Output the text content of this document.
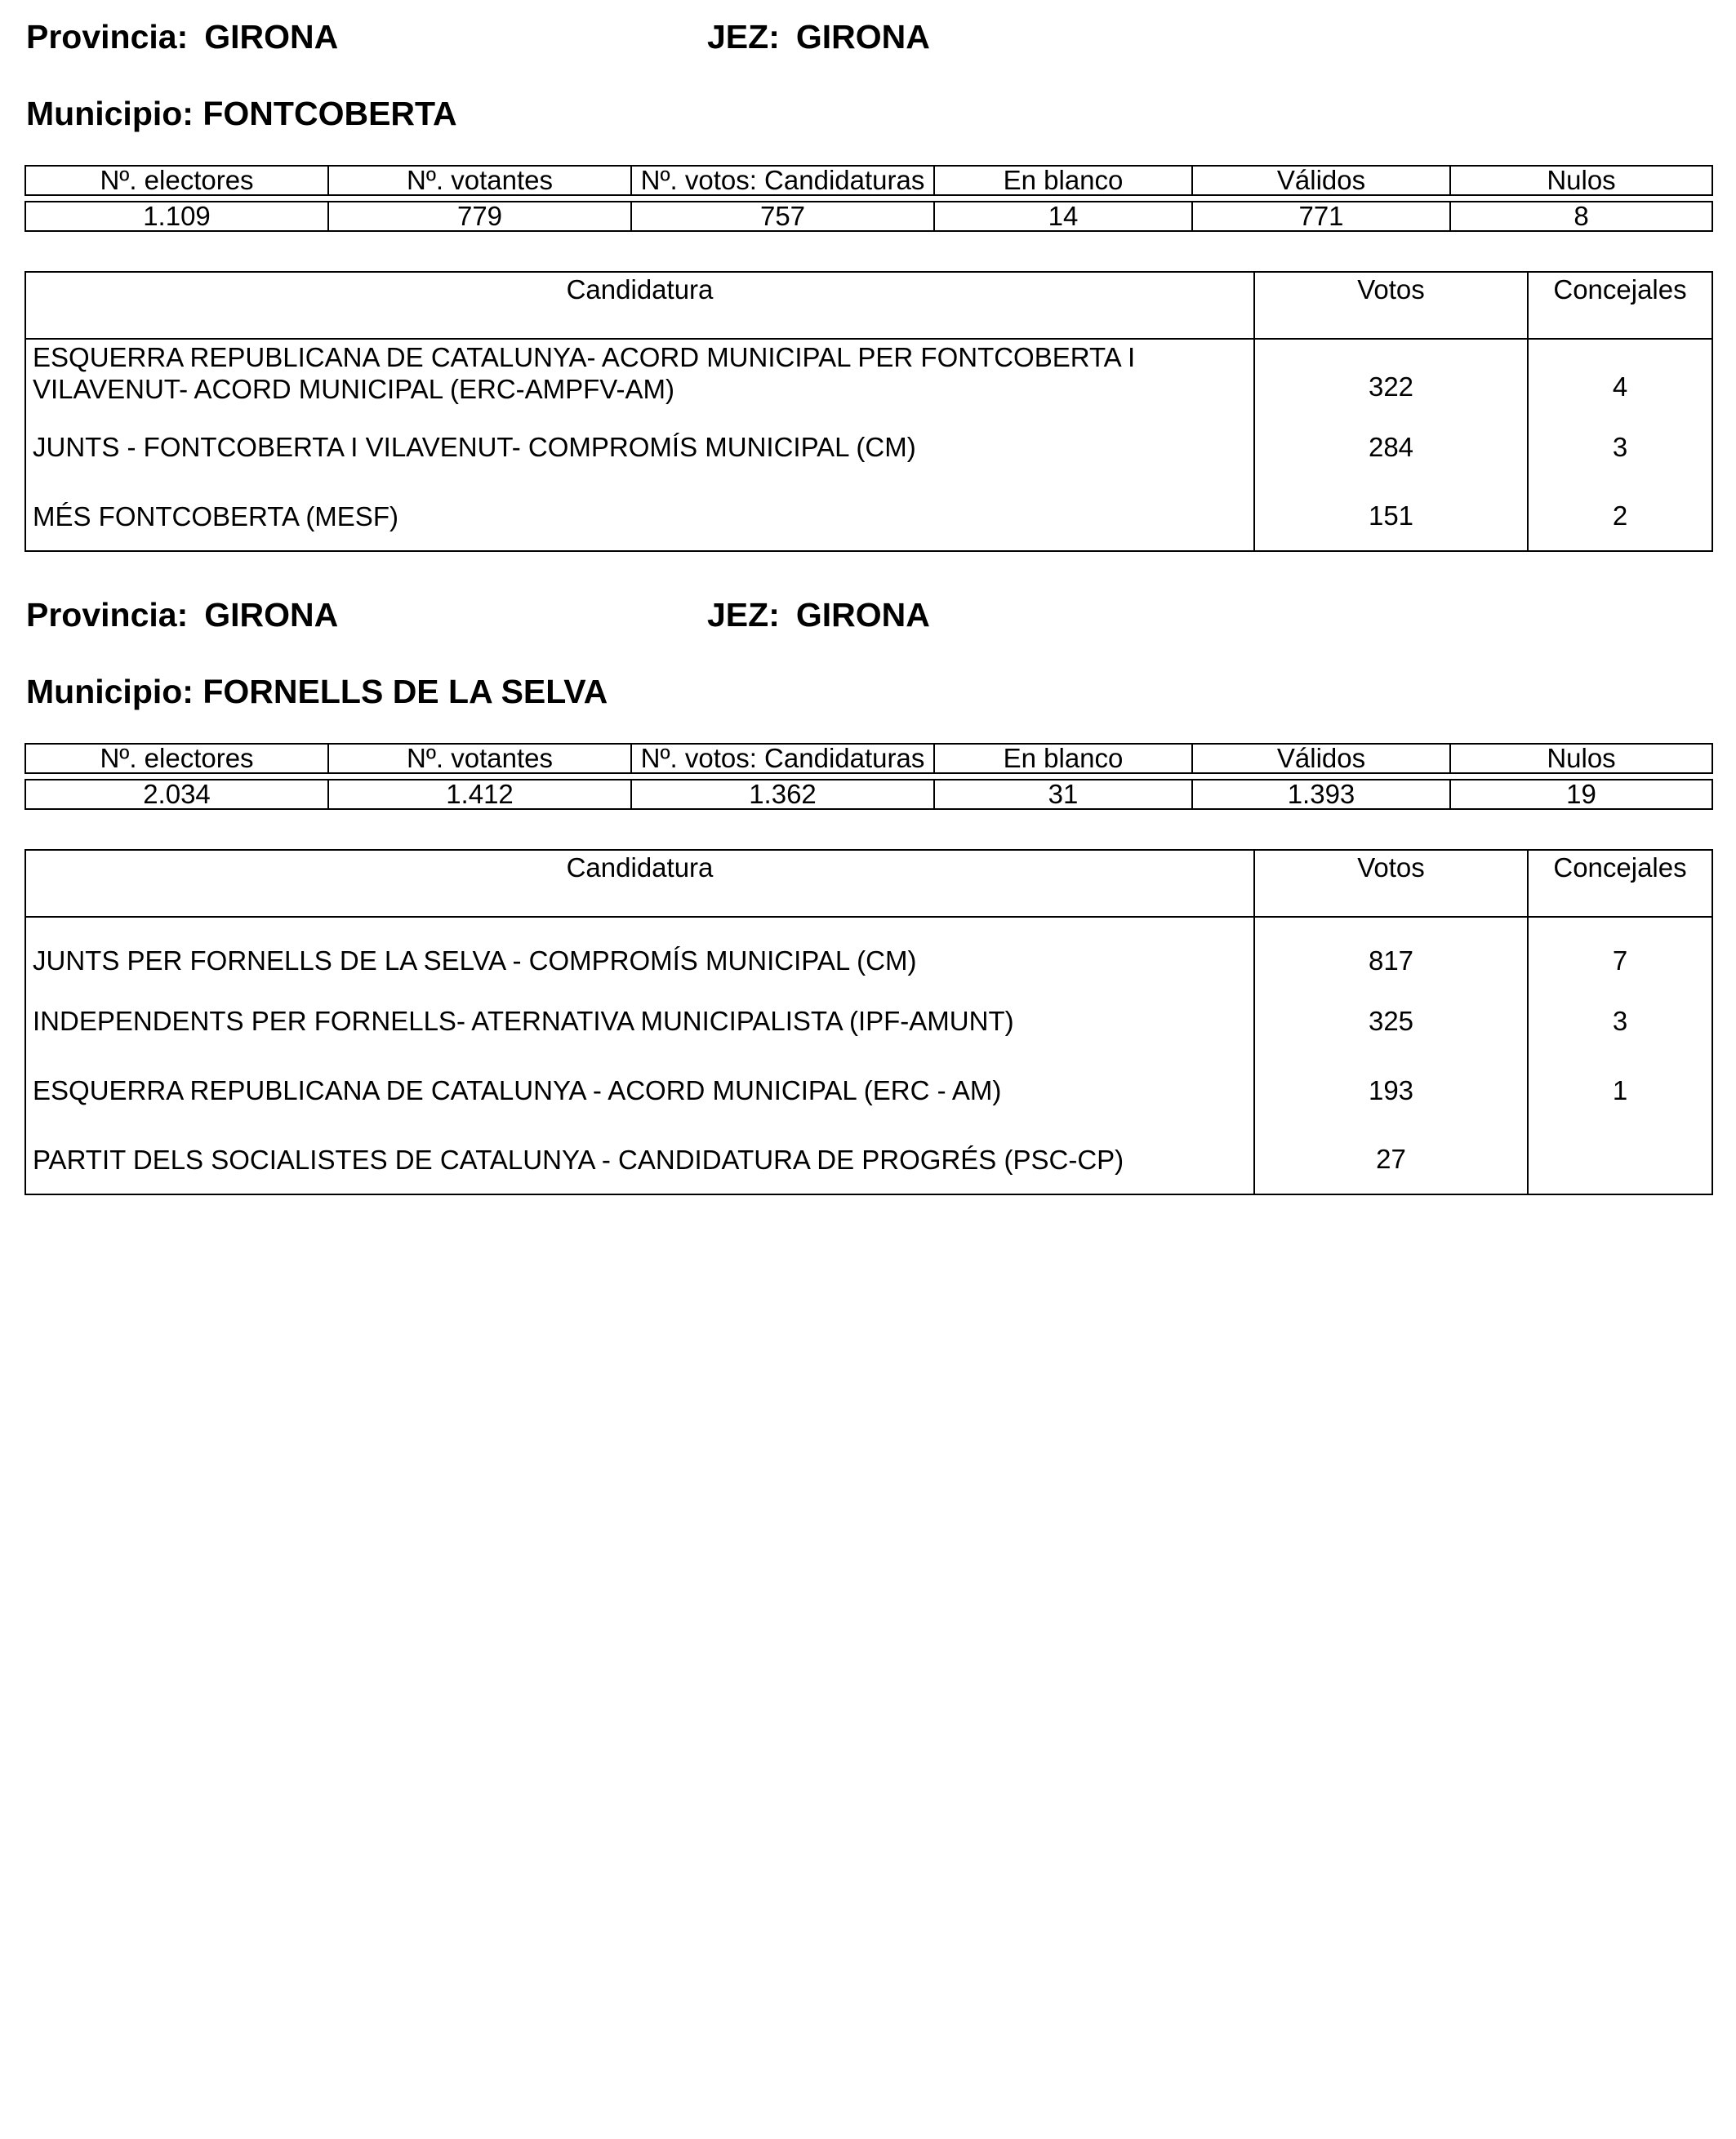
Provincia: GIRONA	JEZ: GIRONA
Municipio: FONTCOBERTA
Nº. electores	Nº. votantes	Nº. votos: Candidaturas	En blanco	Válidos	Nulos

1.109	779	757	14	771	8
Candidatura	Votos	Concejales
ESQUERRA REPUBLICANA DE CATALUNYA- ACORD MUNICIPAL PER FONTCOBERTA I VILAVENUT- ACORD MUNICIPAL (ERC-AMPFV-AM)	322	4
JUNTS - FONTCOBERTA I VILAVENUT- COMPROMÍS MUNICIPAL (CM)	284	3
MÉS FONTCOBERTA (MESF)	151	2
Provincia: GIRONA	JEZ: GIRONA
Municipio: FORNELLS DE LA SELVA
Nº. electores	Nº. votantes	Nº. votos: Candidaturas	En blanco	Válidos	Nulos

2.034	1.412	1.362	31	1.393	19
Candidatura	Votos	Concejales
JUNTS PER FORNELLS DE LA SELVA - COMPROMÍS MUNICIPAL (CM)	817	7
INDEPENDENTS PER FORNELLS- ATERNATIVA MUNICIPALISTA (IPF-AMUNT)	325	3
ESQUERRA REPUBLICANA DE CATALUNYA - ACORD MUNICIPAL (ERC - AM)	193	1
PARTIT DELS SOCIALISTES DE CATALUNYA - CANDIDATURA DE PROGRÉS (PSC-CP)	27	
